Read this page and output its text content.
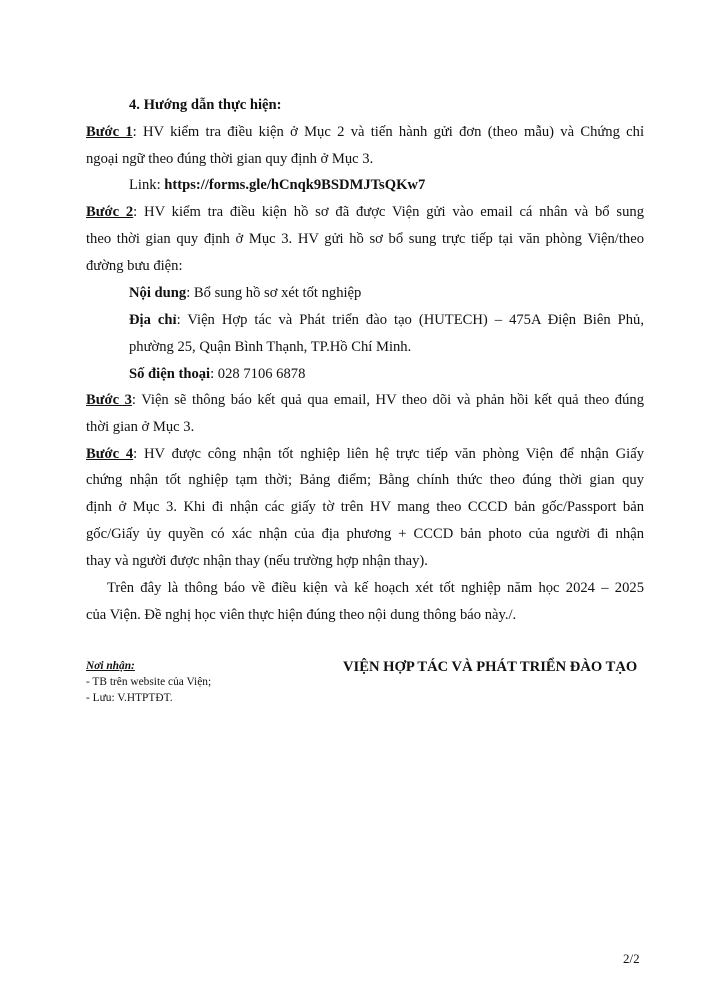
4. Hướng dẫn thực hiện:
Bước 1: HV kiểm tra điều kiện ở Mục 2 và tiến hành gửi đơn (theo mẫu) và Chứng chỉ
ngoại ngữ theo đúng thời gian quy định ở Mục 3.
Link: https://forms.gle/hCnqk9BSDMJTsQKw7
Bước 2: HV kiểm tra điều kiện hồ sơ đã được Viện gửi vào email cá nhân và bổ sung
theo thời gian quy định ở Mục 3. HV gửi hồ sơ bổ sung trực tiếp tại văn phòng Viện/theo
đường bưu điện:
Nội dung: Bổ sung hồ sơ xét tốt nghiệp
Địa chỉ: Viện Hợp tác và Phát triển đào tạo (HUTECH) – 475A Điện Biên Phủ,
phường 25, Quận Bình Thạnh, TP.Hồ Chí Minh.
Số điện thoại: 028 7106 6878
Bước 3: Viện sẽ thông báo kết quả qua email, HV theo dõi và phản hồi kết quả theo đúng
thời gian ở Mục 3.
Bước 4: HV được công nhận tốt nghiệp liên hệ trực tiếp văn phòng Viện để nhận Giấy
chứng nhận tốt nghiệp tạm thời; Bảng điểm; Bằng chính thức theo đúng thời gian quy
định ở Mục 3. Khi đi nhận các giấy tờ trên HV mang theo CCCD bản gốc/Passport bản
gốc/Giấy ủy quyền có xác nhận của địa phương + CCCD bản photo của người đi nhận
thay và người được nhận thay (nếu trường hợp nhận thay).
Trên đây là thông báo về điều kiện và kế hoạch xét tốt nghiệp năm học 2024 – 2025
của Viện. Đề nghị học viên thực hiện đúng theo nội dung thông báo này./.
Nơi nhận:
- TB trên website của Viện;
- Lưu: V.HTPTĐT.
VIỆN HỢP TÁC VÀ PHÁT TRIỂN ĐÀO TẠO
2/2
